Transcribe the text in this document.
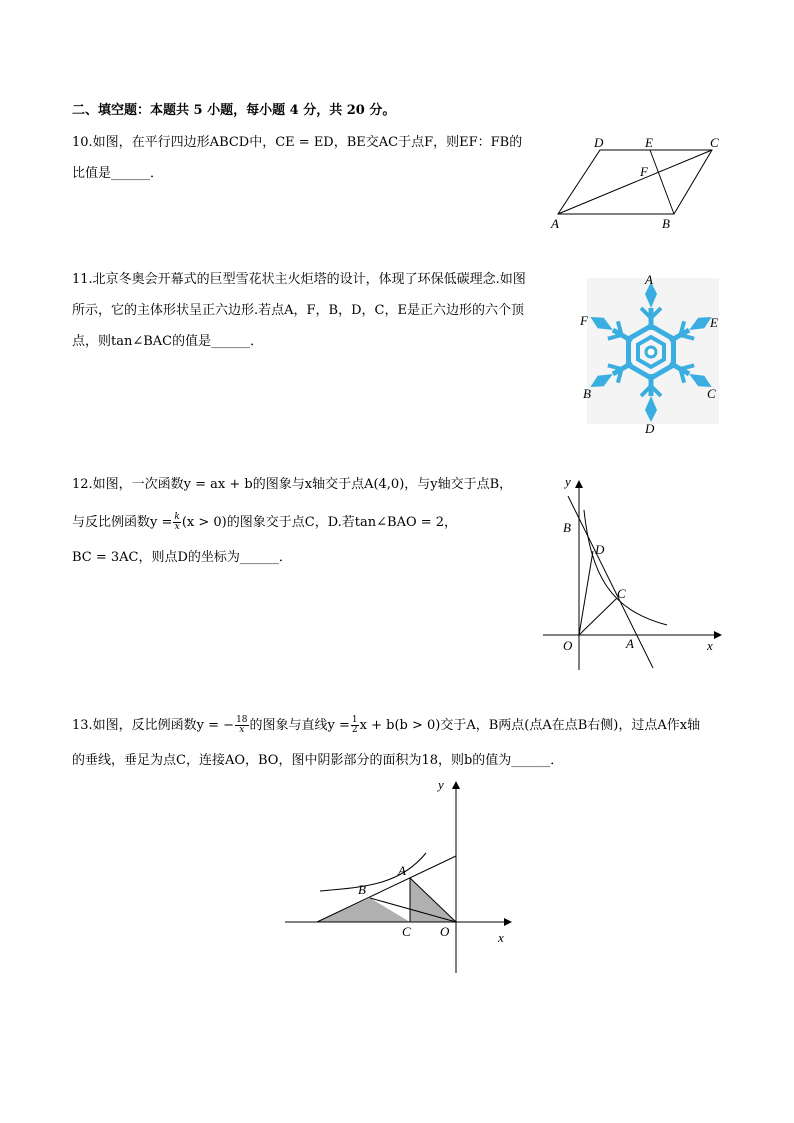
二、填空题：本题共 5 小题，每小题 4 分，共 20 分。
10.如图，在平行四边形ABCD中，CE = ED，BE交AC于点F，则EF：FB的
比值是______．
D	E	C
F
A	B
11.北京冬奥会开幕式的巨型雪花状主火炬塔的设计，体现了环保低碳理念.如图
所示，它的主体形状呈正六边形.若点A，F，B，D，C，E是正六边形的六个顶
点，则tan∠BAC的值是______．
A
F	E
B	C
D
12.如图，一次函数y = ax + b的图象与x轴交于点A(4,0)，与y轴交于点B，
与反比例函数$y = \frac{k}{x} (x > 0)$的图象交于点C，D.若tan∠BAO = 2，
BC = 3AC，则点D的坐标为______．
y
B
D
C
O	A	x
13.如图，反比例函数y = − $\frac{18}{x}$ 的图象与直线$y = \frac{1}{2}$ x + b(b > 0)交于A，B两点(点A在点B右侧)，过点A作x轴
的垂线，垂足为点C，连接AO，BO，图中阴影部分的面积为18，则b的值为______．
y
A
B
C O	x
